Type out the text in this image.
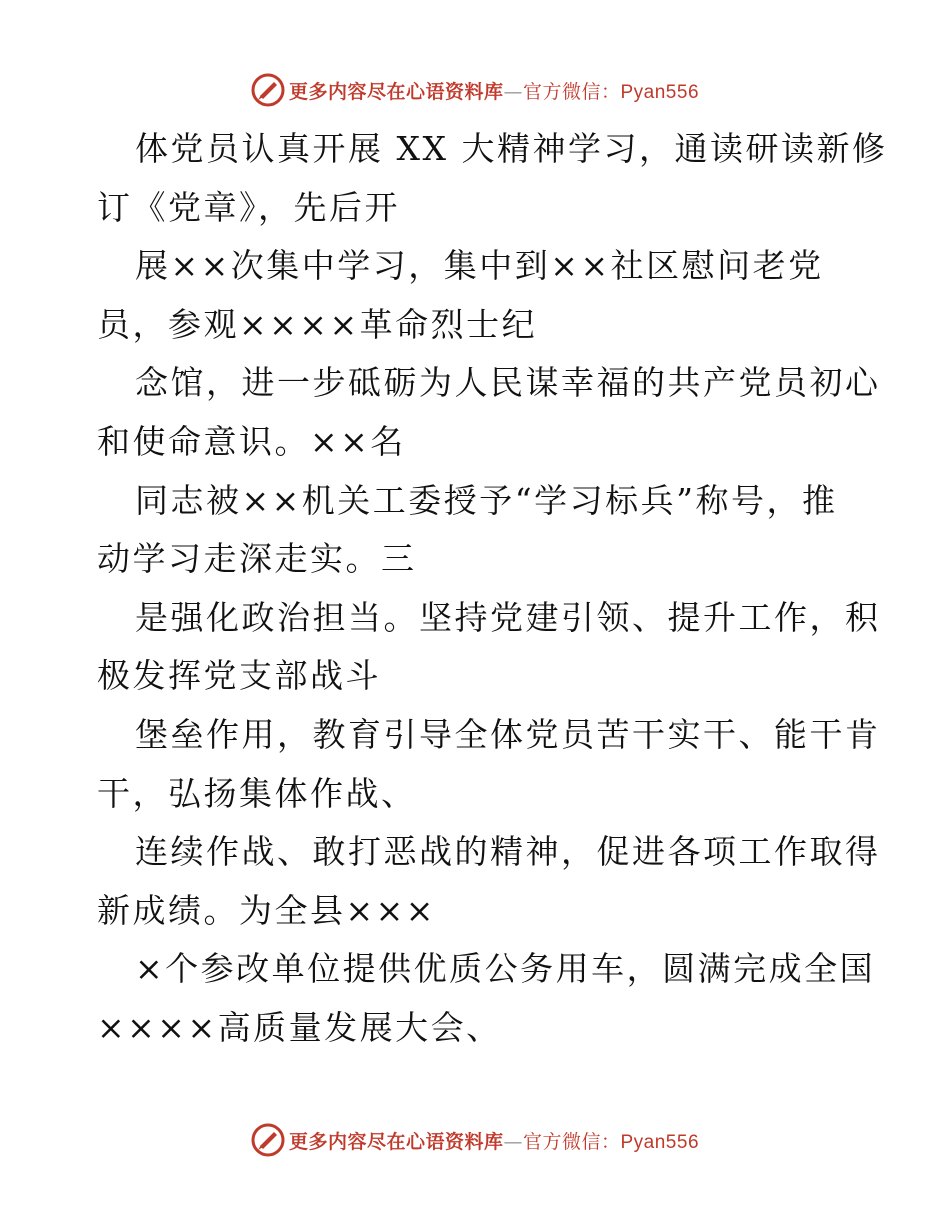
更多内容尽在心语资料库—官方微信：Pyan556
体党员认真开展 XX 大精神学习，通读研读新修
订《党章》，先后开
展××次集中学习，集中到××社区慰问老党
员，参观××××革命烈士纪
念馆，进一步砥砺为人民谋幸福的共产党员初心
和使命意识。××名
同志被××机关工委授予“学习标兵”称号，推
动学习走深走实。三
是强化政治担当。坚持党建引领、提升工作，积
极发挥党支部战斗
堡垒作用，教育引导全体党员苦干实干、能干肯
干，弘扬集体作战、
连续作战、敢打恶战的精神，促进各项工作取得
新成绩。为全县×××
×个参改单位提供优质公务用车，圆满完成全国
××××高质量发展大会、
更多内容尽在心语资料库—官方微信：Pyan556
